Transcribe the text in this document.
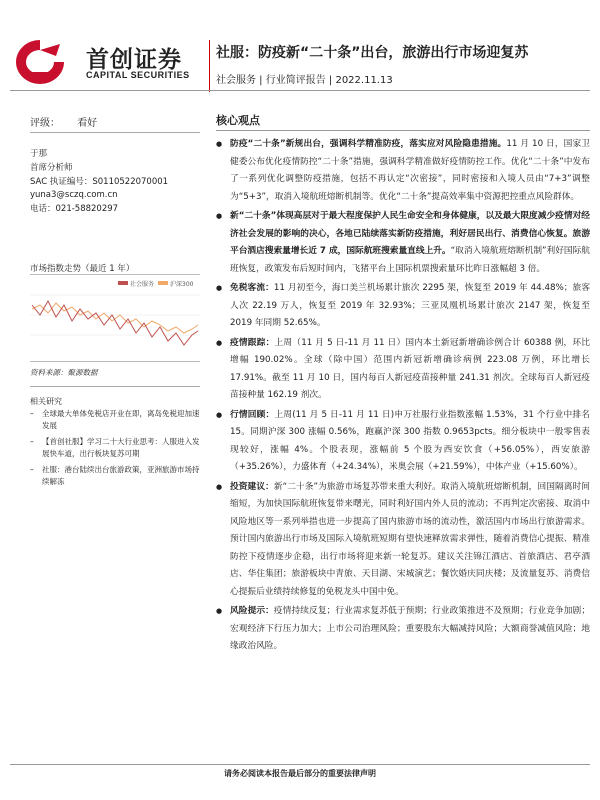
首创证券
CAPITAL SECURITIES
社服：防疫新“二十条”出台，旅游出行市场迎复苏
社会服务 | 行业简评报告 | 2022.11.13
评级： 看好
于那
首席分析师
SAC 执证编号：S0110522070001
yuna3@sczq.com.cn
电话：021-58820297
市场指数走势（最近 1 年）
社会服务	沪深300
资料来源：聚源数据
相关研究
–	全球最大单体免税店开业在即，离岛免税迎加速发展
–	【首创社服】学习二十大行业思考：人服进入发展快车道，出行板块复苏可期
–	社服：港台陆续出台旅游政策，亚洲旅游市场持续解冻
核心观点
● 防疫“二十条”新规出台，强调科学精准防疫，落实应对风险隐患措施。11 月 10 日，国家卫健委公布优化疫情防控“二十条”措施，强调科学精准做好疫情防控工作。优化“二十条”中发布了一系列优化调整防疫措施，包括不再认定“次密接”，同时密接和入境人员由“7+3”调整为“5+3”，取消入境航班熔断机制等。优化“二十条”提高效率集中资源把控重点风险群体。
● 新“二十条”体现高层对于最大程度保护人民生命安全和身体健康，以及最大限度减少疫情对经济社会发展的影响的决心，各地已陆续落实新防疫措施，利好居民出行、消费信心恢复。旅游平台酒店搜索量增长近 7 成，国际航班搜索量直线上升。“取消入境航班熔断机制”利好国际航班恢复，政策发布后短时间内，飞猪平台上国际机票搜索量环比昨日涨幅超 3 倍。
● 免税客流：11 月初至今，海口美兰机场累计旅次 2295 架，恢复至 2019 年 44.48%；旅客人次 22.19 万人，恢复至 2019 年 32.93%；三亚凤凰机场累计旅次 2147 架，恢复至 2019 年同期 52.65%。
● 疫情跟踪：上周（11 月 5 日-11 月 11 日）国内本土新冠新增确诊例合计 60388 例，环比增幅 190.02%。全球（除中国）范围内新冠新增确诊病例 223.08 万例，环比增长 17.91%。截至 11 月 10 日，国内每百人新冠疫苗接种量 241.31 剂次。全球每百人新冠疫苗接种量 162.19 剂次。
● 行情回顾：上周(11 月 5 日-11 月 11 日)申万社服行业指数涨幅 1.53%，31 个行业中排名 15。同期沪深 300 涨幅 0.56%，跑赢沪深 300 指数 0.9653pcts。细分板块中一般零售表现较好，涨幅 4%。个股表现，涨幅前 5 个股为西安饮食（+56.05%），西安旅游（+35.26%），力盛体育（+24.34%），米奥会展（+21.59%），中体产业（+15.60%）。
● 投资建议：新“二十条”为旅游市场复苏带来重大利好。取消入境航班熔断机制，回国隔离时间缩短，为加快国际航班恢复带来曙光，同时利好国内外人员的流动；不再判定次密接、取消中风险地区等一系列举措也进一步提高了国内旅游市场的流动性，激活国内市场出行旅游需求。预计国内旅游出行市场及国际入境航班短期有望快速释放需求弹性，随着消费信心提振、精准防控下疫情逐步企稳，出行市场将迎来新一轮复苏。建议关注锦江酒店、首旅酒店、君亭酒店、华住集团；旅游板块中青旅、天目湖、宋城演艺；餐饮婚庆同庆楼；及流量复苏、消费信心提振后业绩持续修复的免税龙头中国中免。
● 风险提示：疫情持续反复；行业需求复苏低于预期；行业政策推进不及预期；行业竞争加剧；宏观经济下行压力加大；上市公司治理风险；重要股东大幅减持风险；大额商誉减值风险；地缘政治风险。
请务必阅读本报告最后部分的重要法律声明
